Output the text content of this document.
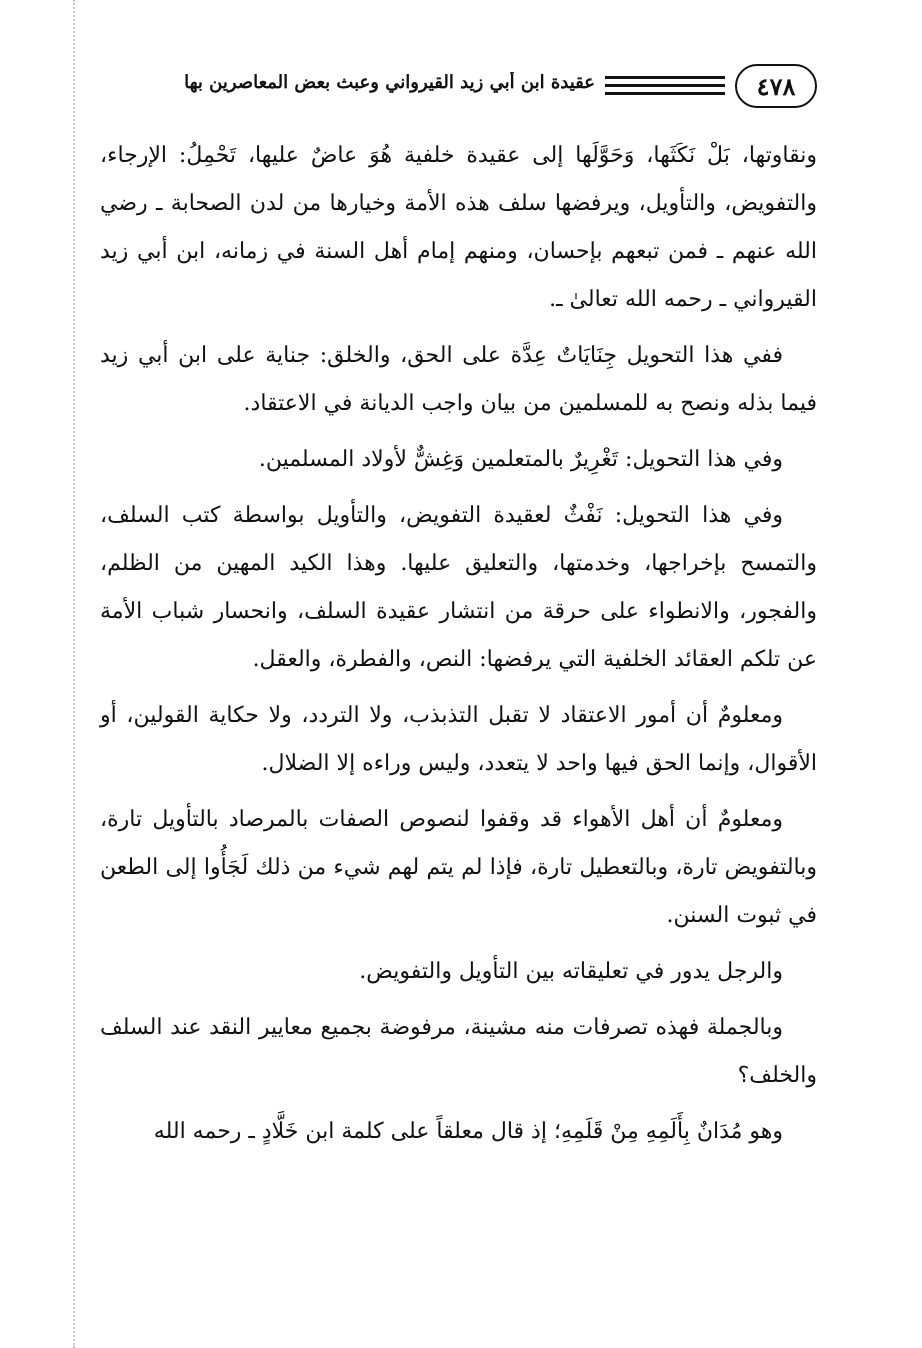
٤٧٨
عقيدة ابن أبي زيد القيرواني وعبث بعض المعاصرين بها

ونقاوتها، بَلْ نَكَثَها، وَحَوَّلَها إلى عقيدة خلفية هُوَ عاضٌ عليها، تَحْمِلُ: الإرجاء، والتفويض، والتأويل، ويرفضها سلف هذه الأمة وخيارها من لدن الصحابة ـ رضي الله عنهم ـ فمن تبعهم بإحسان، ومنهم إمام أهل السنة في زمانه، ابن أبي زيد القيرواني ـ رحمه الله تعالىٰ ـ.

ففي هذا التحويل جِنَايَاتٌ عِدَّة على الحق، والخلق: جناية على ابن أبي زيد فيما بذله ونصح به للمسلمين من بيان واجب الديانة في الاعتقاد.

وفي هذا التحويل: تَغْرِيرٌ بالمتعلمين وَغِشٌّ لأولاد المسلمين.

وفي هذا التحويل: نَفْثٌ لعقيدة التفويض، والتأويل بواسطة كتب السلف، والتمسح بإخراجها، وخدمتها، والتعليق عليها. وهذا الكيد المهين من الظلم، والفجور، والانطواء على حرقة من انتشار عقيدة السلف، وانحسار شباب الأمة عن تلكم العقائد الخلفية التي يرفضها: النص، والفطرة، والعقل.

ومعلومٌ أن أمور الاعتقاد لا تقبل التذبذب، ولا التردد، ولا حكاية القولين، أو الأقوال، وإنما الحق فيها واحد لا يتعدد، وليس وراءه إلا الضلال.

ومعلومٌ أن أهل الأهواء قد وقفوا لنصوص الصفات بالمرصاد بالتأويل تارة، وبالتفويض تارة، وبالتعطيل تارة، فإذا لم يتم لهم شيء من ذلك لَجَأُوا إلى الطعن في ثبوت السنن.

والرجل يدور في تعليقاته بين التأويل والتفويض.

وبالجملة فهذه تصرفات منه مشينة، مرفوضة بجميع معايير النقد عند السلف والخلف؟

وهو مُدَانٌ بِأَلَمِهِ مِنْ قَلَمِهِ؛ إذ قال معلقاً على كلمة ابن خَلَّادٍ ـ رحمه الله
